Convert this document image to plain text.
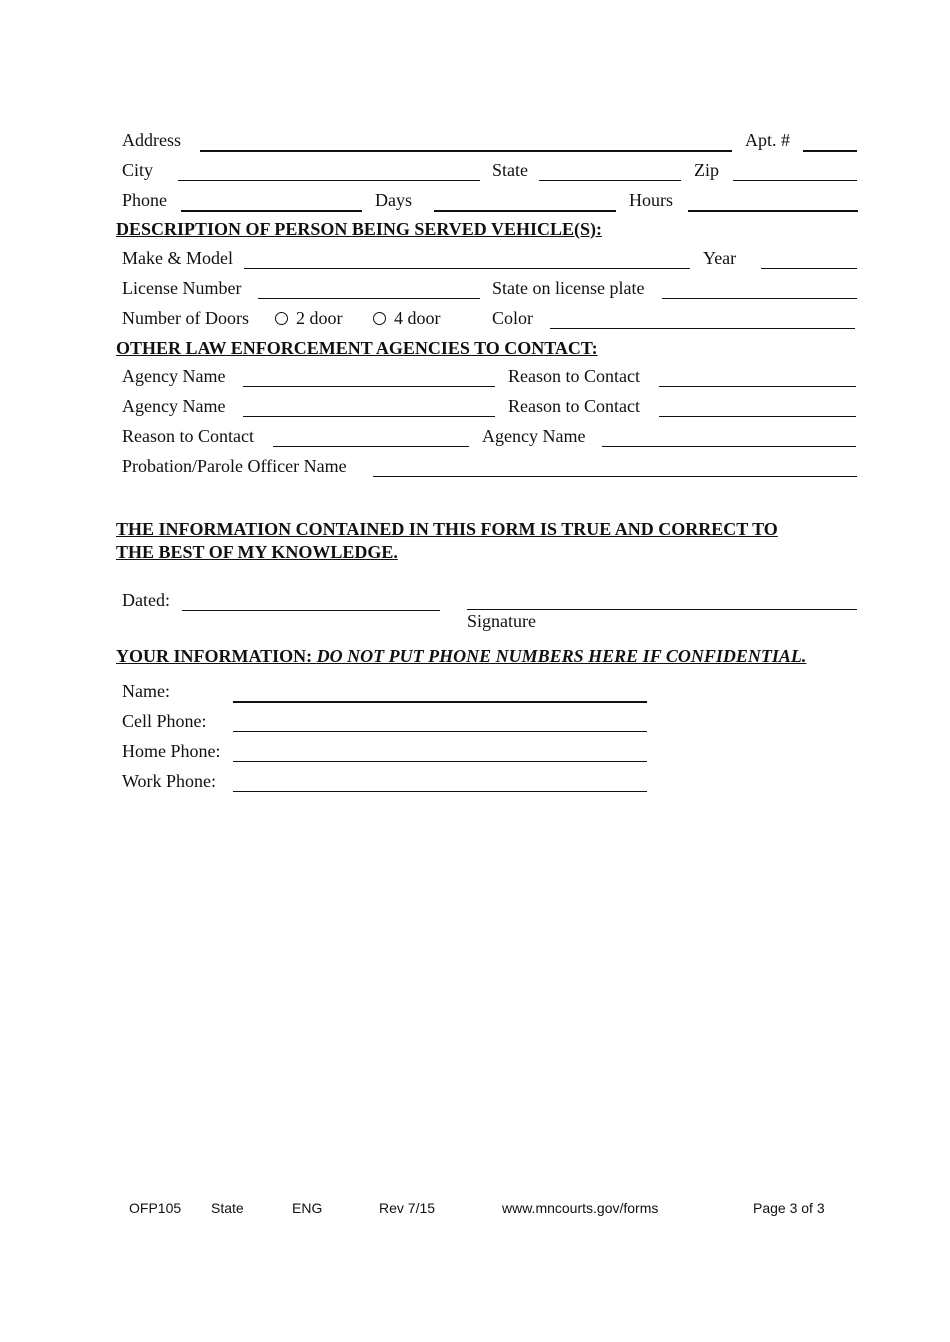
Address	Apt. #
City	State	Zip
Phone	Days	Hours
DESCRIPTION OF PERSON BEING SERVED VEHICLE(S):
Make & Model	Year
License Number	State on license plate
Number of Doors	2 door	4 door	Color
OTHER LAW ENFORCEMENT AGENCIES TO CONTACT:
Agency Name	Reason to Contact
Agency Name	Reason to Contact
Reason to Contact	Agency Name
Probation/Parole Officer Name
THE INFORMATION CONTAINED IN THIS FORM IS TRUE AND CORRECT TO
THE BEST OF MY KNOWLEDGE.
Dated:
Signature
YOUR INFORMATION: DO NOT PUT PHONE NUMBERS HERE IF CONFIDENTIAL.
Name:
Cell Phone:
Home Phone:
Work Phone:
OFP105 State	ENG	Rev 7/15	www.mncourts.gov/forms	Page 3 of 3
